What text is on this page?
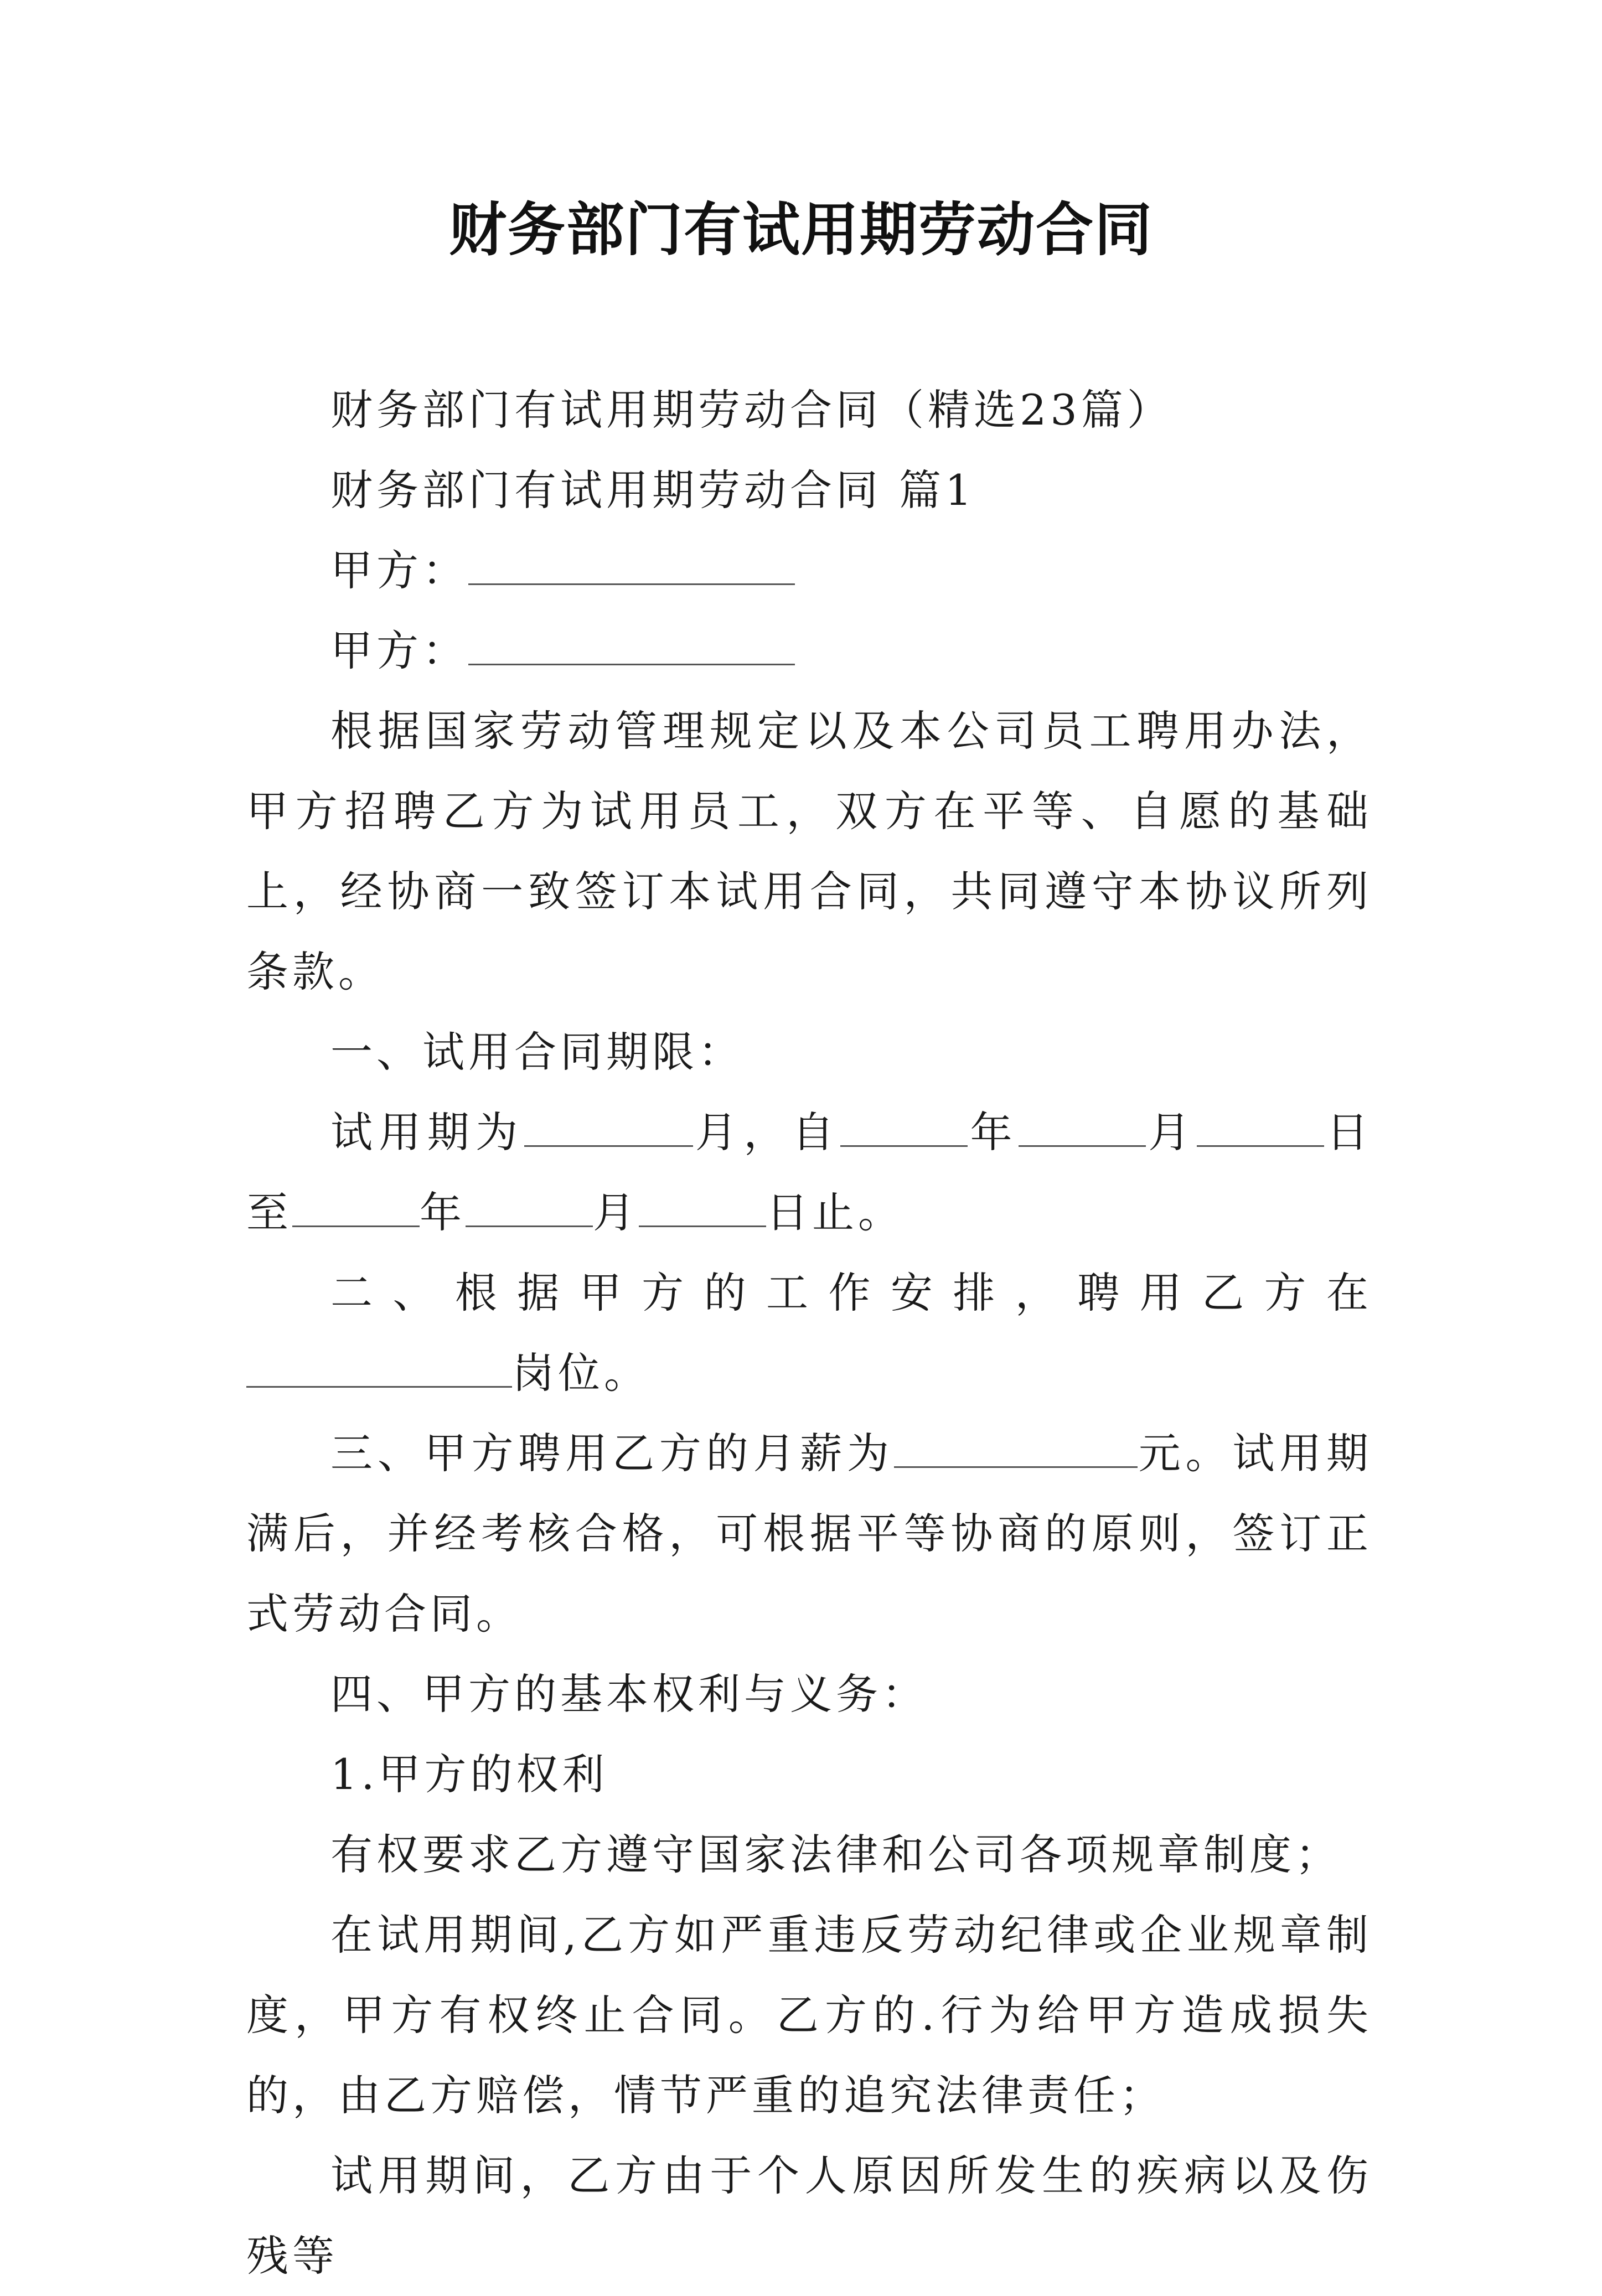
财务部门有试用期劳动合同

财务部门有试用期劳动合同（精选23篇）

财务部门有试用期劳动合同 篇1

甲方：

甲方：

根据国家劳动管理规定以及本公司员工聘用办法，甲方招聘乙方为试用员工，双方在平等、自愿的基础上，经协商一致签订本试用合同，共同遵守本协议所列条款。

一、试用合同期限：

试用期为	月，自	年	月	日至	年	月	日止。

二、根据甲方的工作安排，聘用乙方在岗位。

三、甲方聘用乙方的月薪为	元。试用期满后，并经考核合格，可根据平等协商的原则，签订正式劳动合同。

四、甲方的基本权利与义务：

1.甲方的权利

有权要求乙方遵守国家法律和公司各项规章制度；

在试用期间,乙方如严重违反劳动纪律或企业规章制度，甲方有权终止合同。乙方的.行为给甲方造成损失的，由乙方赔偿，情节严重的追究法律责任；

试用期间，乙方由于个人原因所发生的疾病以及伤残等
